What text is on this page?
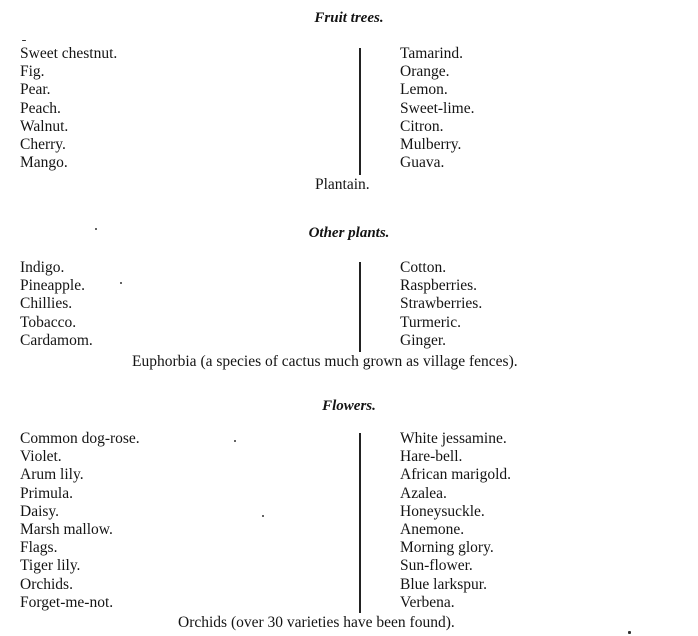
Fruit trees.
Sweet chestnut.
Fig.
Pear.
Peach.
Walnut.
Cherry.
Mango.
Tamarind.
Orange.
Lemon.
Sweet-lime.
Citron.
Mulberry.
Guava.
Plantain.
Other plants.
Indigo.
Pineapple.
Chillies.
Tobacco.
Cardamom.
Cotton.
Raspberries.
Strawberries.
Turmeric.
Ginger.
Euphorbia (a species of cactus much grown as village fences).
Flowers.
Common dog-rose.
Violet.
Arum lily.
Primula.
Daisy.
Marsh mallow.
Flags.
Tiger lily.
Orchids.
Forget-me-not.
White jessamine.
Hare-bell.
African marigold.
Azalea.
Honeysuckle.
Anemone.
Morning glory.
Sun-flower.
Blue larkspur.
Verbena.
Orchids (over 30 varieties have been found).
